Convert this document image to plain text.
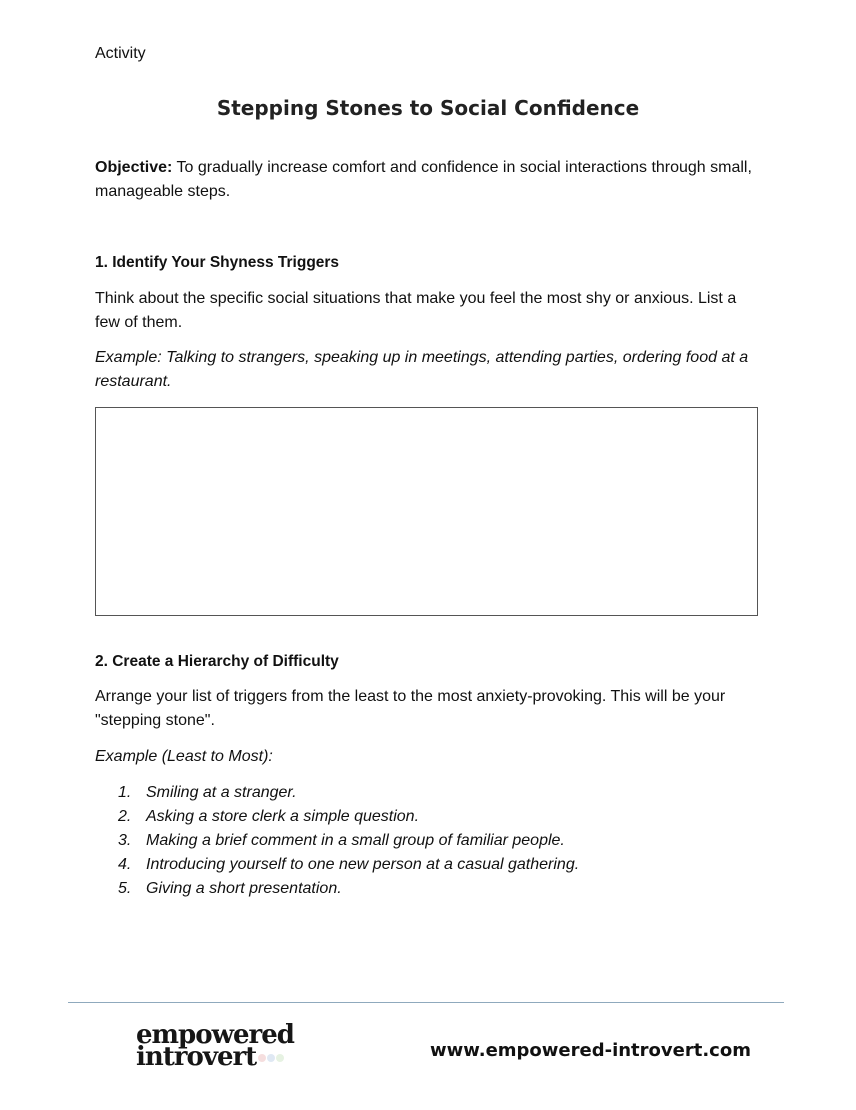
Activity
Stepping Stones to Social Confidence

Objective: To gradually increase comfort and confidence in social interactions through small, manageable steps.

1. Identify Your Shyness Triggers

Think about the specific social situations that make you feel the most shy or anxious. List a few of them.

Example: Talking to strangers, speaking up in meetings, attending parties, ordering food at a restaurant.

2. Create a Hierarchy of Difficulty

Arrange your list of triggers from the least to the most anxiety-provoking. This will be your "stepping stone".

Example (Least to Most):

1. Smiling at a stranger.
2. Asking a store clerk a simple question.
3. Making a brief comment in a small group of familiar people.
4. Introducing yourself to one new person at a casual gathering.
5. Giving a short presentation.
empowered
introvert	www.empowered-introvert.com
